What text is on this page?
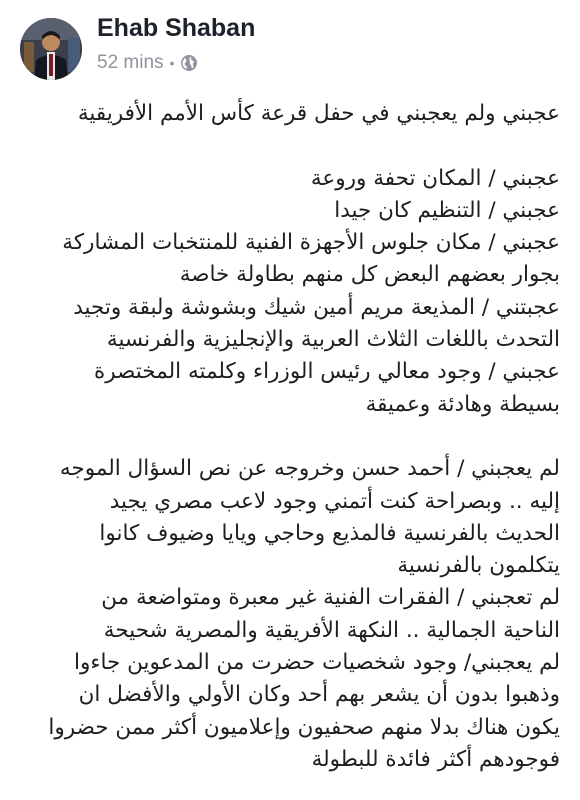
Ehab Shaban
52 mins •
عجبني ولم يعجبني في حفل قرعة كأس الأمم الأفريقية
عجبني / المكان تحفة وروعة
عجبني / التنظيم كان جيدا
عجبني / مكان جلوس الأجهزة الفنية للمنتخبات المشاركة
بجوار بعضهم البعض كل منهم بطاولة خاصة
عجبتني / المذيعة مريم أمين شيك وبشوشة ولبقة وتجيد
التحدث باللغات الثلاث العربية والإنجليزية والفرنسية
عجبني / وجود معالي رئيس الوزراء وكلمته المختصرة
بسيطة وهادئة وعميقة
لم يعجبني / أحمد حسن وخروجه عن نص السؤال الموجه
إليه .. وبصراحة كنت أتمني وجود لاعب مصري يجيد
الحديث بالفرنسية فالمذيع وحاجي ويايا وضيوف كانوا
يتكلمون بالفرنسية
لم تعجبني / الفقرات الفنية غير معبرة ومتواضعة من
الناحية الجمالية .. النكهة الأفريقية والمصرية شحيحة
لم يعجبني/ وجود شخصيات حضرت من المدعوين جاءوا
وذهبوا بدون أن يشعر بهم أحد وكان الأولي والأفضل ان
يكون هناك بدلا منهم صحفيون وإعلاميون أكثر ممن حضروا
فوجودهم أكثر فائدة للبطولة
